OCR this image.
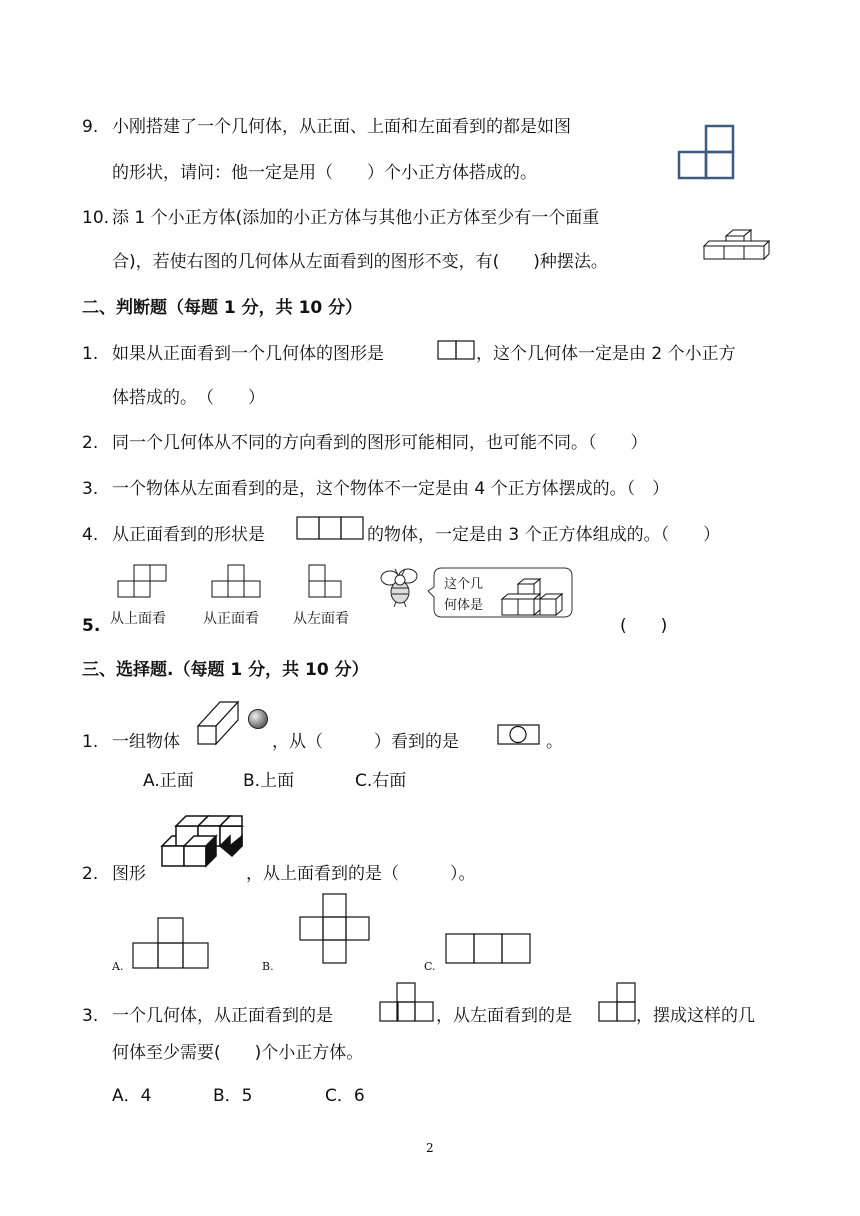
9. 小刚搭建了一个几何体，从正面、上面和左面看到的都是如图
的形状，请问：他一定是用（　　）个小正方体搭成的。
10. 添 1 个小正方体(添加的小正方体与其他小正方体至少有一个面重
合)，若使右图的几何体从左面看到的图形不变，有(　　)种摆法。
二、判断题（每题 1 分，共 10 分）
1. 如果从正面看到一个几何体的图形是	，这个几何体一定是由 2 个小正方
体搭成的。　（　　）
2. 同一个几何体从不同的方向看到的图形可能相同，也可能不同。（　　）
3. 一个物体从左面看到的是，这个物体不一定是由 4 个正方体摆成的。（　）
4. 从正面看到的形状是	的物体，一定是由 3 个正方体组成的。（　　）
5. 从上面看	从正面看 从左面看
这个几
何体是
(　　)
三、选择题.（每题 1 分，共 10 分）
1. 一组物体	，从（　　　）看到的是	。
A.正面	B.上面	C.右面
2. 图形	，从上面看到的是（　　　）。
A.	B.	C.
3. 一个几何体，从正面看到的是	，从左面看到的是	，摆成这样的几
何体至少需要(　　)个小正方体。
A．4	B．5	C．6
2
